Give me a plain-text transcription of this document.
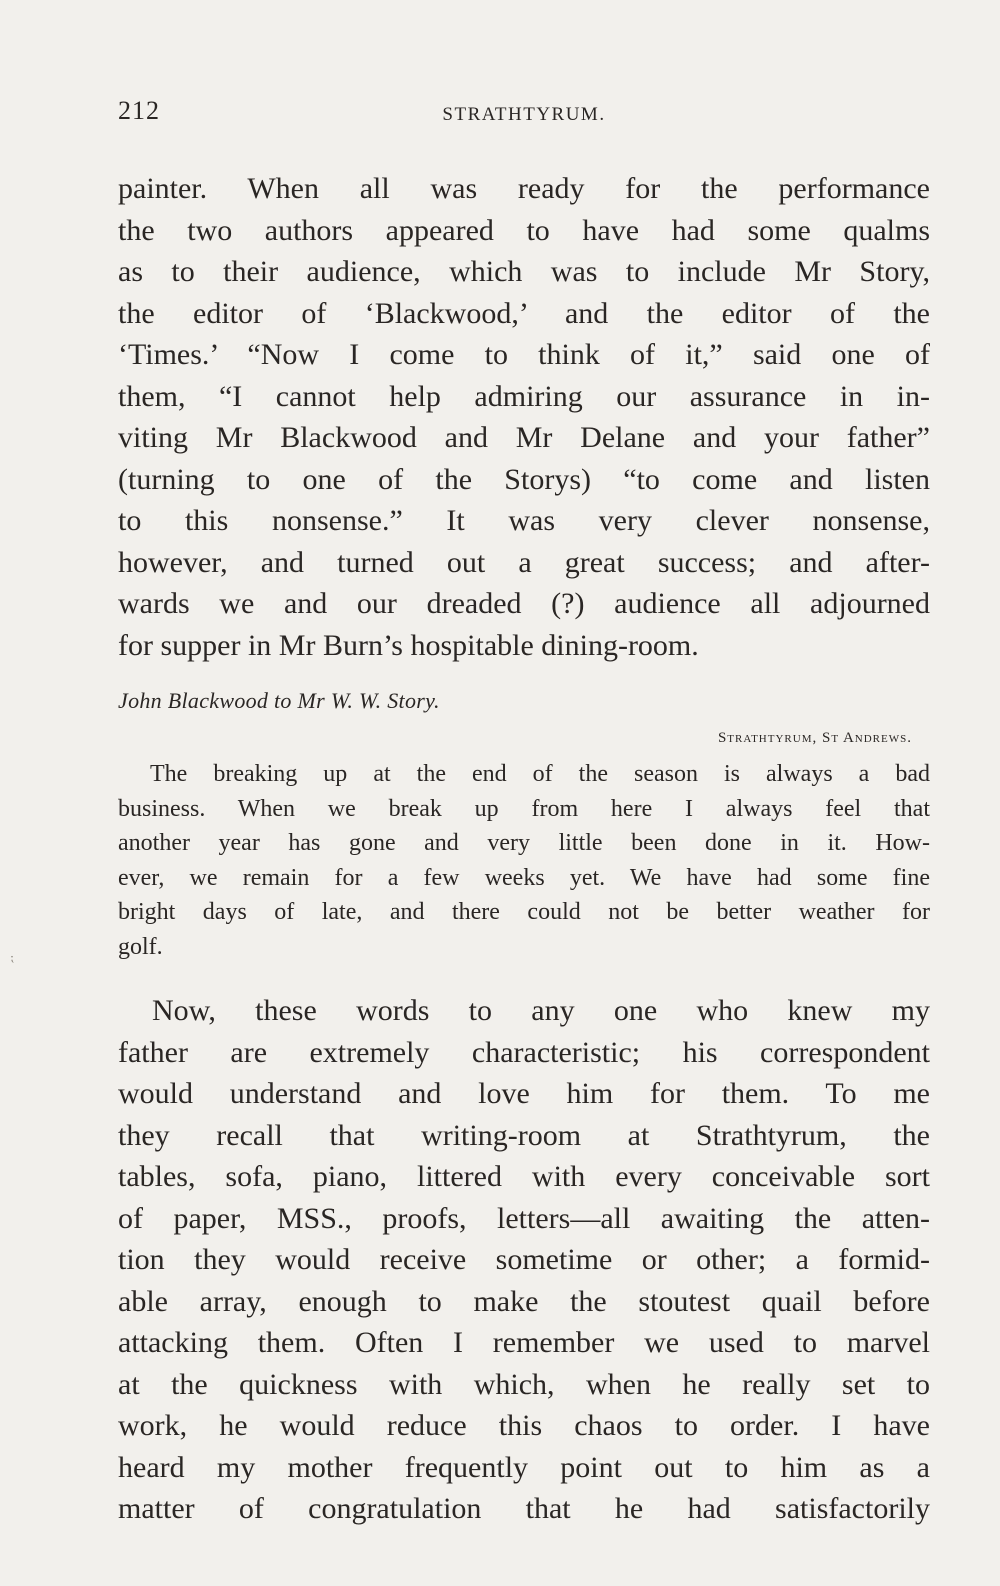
212	STRATHTYRUM.
painter. When all was ready for the performance
the two authors appeared to have had some qualms
as to their audience, which was to include Mr Story,
the editor of ‘Blackwood,’ and the editor of the
‘Times.’ “Now I come to think of it,” said one of
them, “I cannot help admiring our assurance in in-
viting Mr Blackwood and Mr Delane and your father”
(turning to one of the Storys) “to come and listen
to this nonsense.” It was very clever nonsense,
however, and turned out a great success; and after-
wards we and our dreaded (?) audience all adjourned
for supper in Mr Burn’s hospitable dining-room.
John Blackwood to Mr W. W. Story.
Strathtyrum, St Andrews.
The breaking up at the end of the season is always a bad
business. When we break up from here I always feel that
another year has gone and very little been done in it. How-
ever, we remain for a few weeks yet. We have had some fine
bright days of late, and there could not be better weather for
golf.
⁏
Now, these words to any one who knew my
father are extremely characteristic; his correspondent
would understand and love him for them. To me
they recall that writing-room at Strathtyrum, the
tables, sofa, piano, littered with every conceivable sort
of paper, MSS., proofs, letters—all awaiting the atten-
tion they would receive sometime or other; a formid-
able array, enough to make the stoutest quail before
attacking them. Often I remember we used to marvel
at the quickness with which, when he really set to
work, he would reduce this chaos to order. I have
heard my mother frequently point out to him as a
matter of congratulation that he had satisfactorily
